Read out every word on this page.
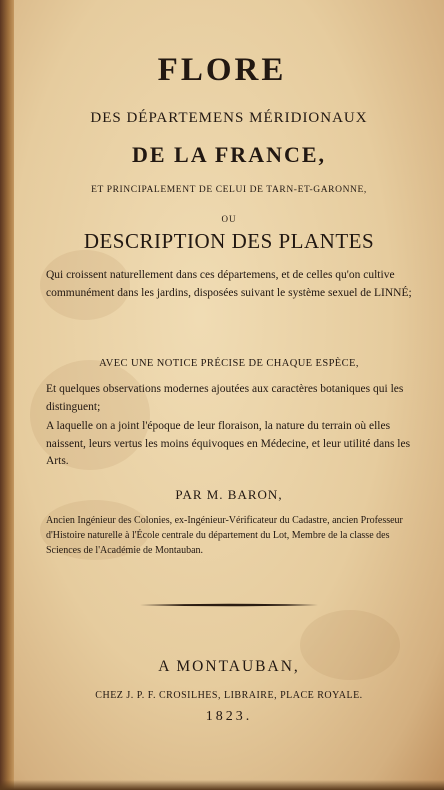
FLORE
DES DÉPARTEMENS MÉRIDIONAUX
DE LA FRANCE,
ET PRINCIPALEMENT DE CELUI DE TARN-ET-GARONNE,
OU
DESCRIPTION DES PLANTES
Qui croissent naturellement dans ces départemens, et de celles qu'on cultive communément dans les jardins, disposées suivant le système sexuel de LINNÉ;
AVEC UNE NOTICE PRÉCISE DE CHAQUE ESPÈCE,
Et quelques observations modernes ajoutées aux caractères botaniques qui les distinguent;
A laquelle on a joint l'époque de leur floraison, la nature du terrain où elles naissent, leurs vertus les moins équivoques en Médecine, et leur utilité dans les Arts.
PAR M. BARON,
Ancien Ingénieur des Colonies, ex-Ingénieur-Vérificateur du Cadastre, ancien Professeur d'Histoire naturelle à l'École centrale du département du Lot, Membre de la classe des Sciences de l'Académie de Montauban.
A MONTAUBAN,
CHEZ J. P. F. CROSILHES, LIBRAIRE, PLACE ROYALE.
1823.
